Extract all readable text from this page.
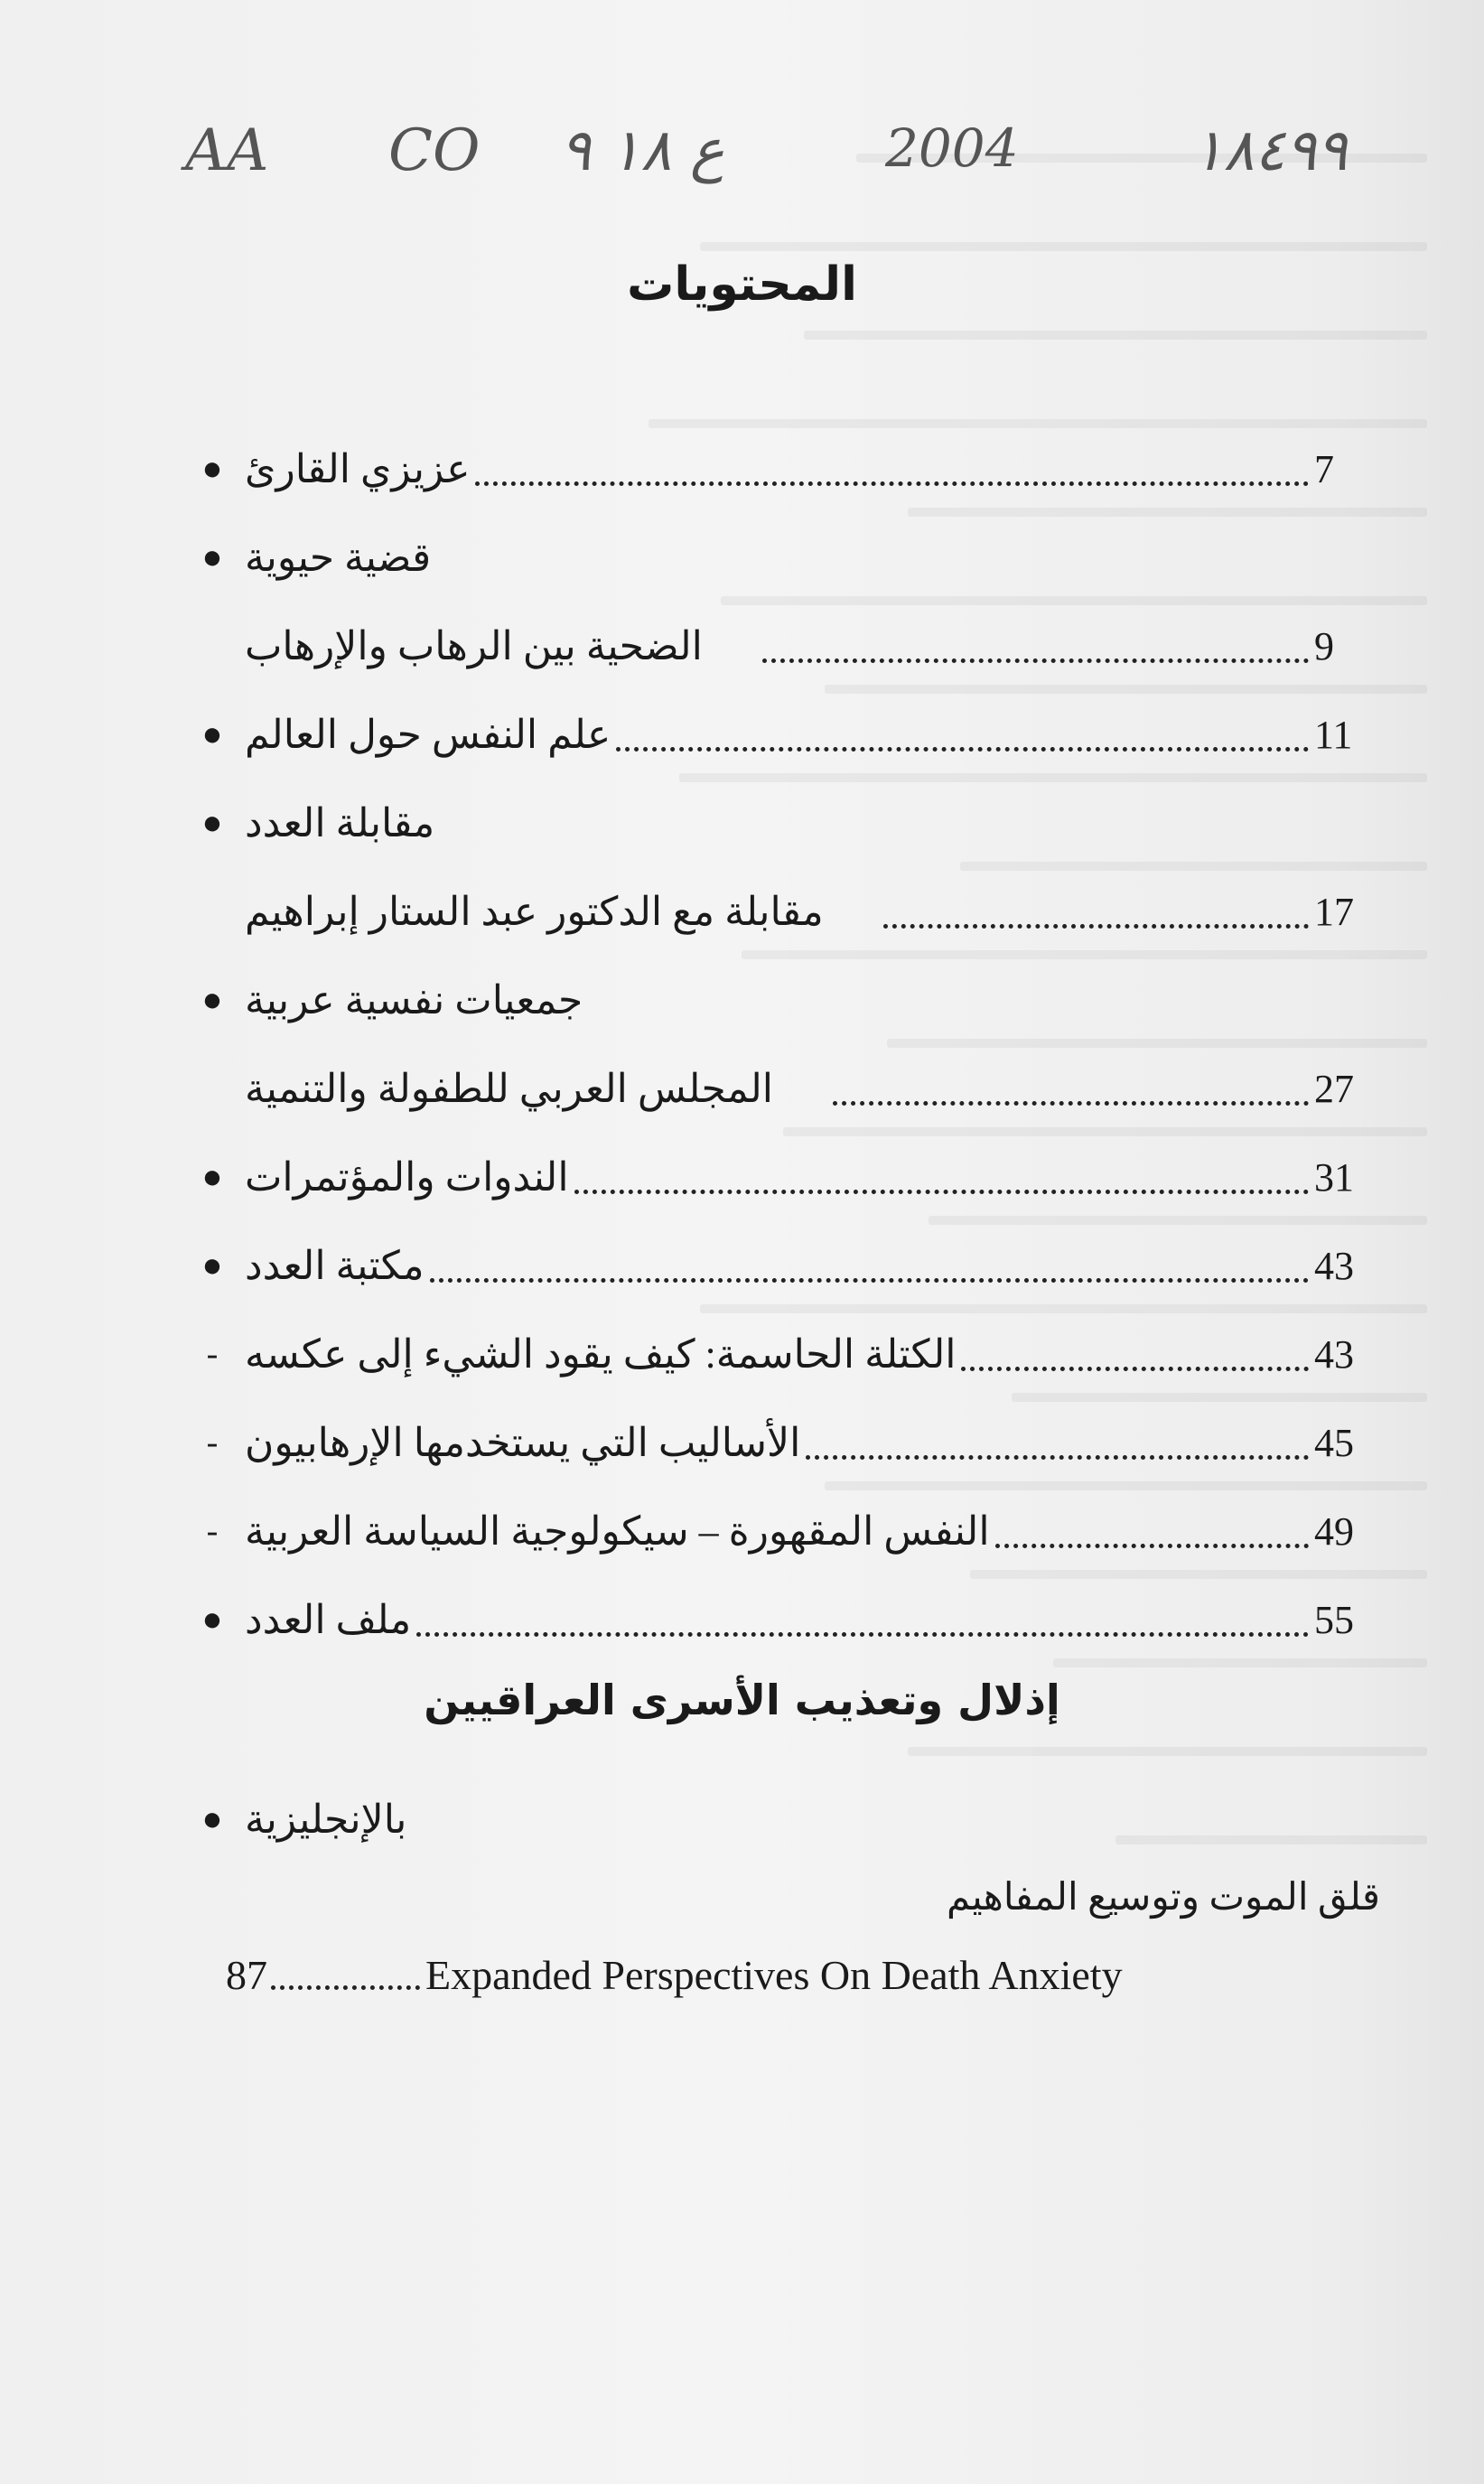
AA CO ع ١٨ ٩	2004	١٨٤٩٩
المحتويات
● عزيزي القارئ	7
● قضية حيوية
الضحية بين الرهاب والإرهاب	9
● علم النفس حول العالم	11
● مقابلة العدد
مقابلة مع الدكتور عبد الستار إبراهيم	17
● جمعيات نفسية عربية
المجلس العربي للطفولة والتنمية	27
● الندوات والمؤتمرات	31
● مكتبة العدد	43
- الكتلة الحاسمة: كيف يقود الشيء إلى عكسه	43
- الأساليب التي يستخدمها الإرهابيون	45
- النفس المقهورة – سيكولوجية السياسة العربية	49
● ملف العدد	55
إذلال وتعذيب الأسرى العراقيين
● بالإنجليزية
قلق الموت وتوسيع المفاهيم
87	Expanded Perspectives On Death Anxiety
